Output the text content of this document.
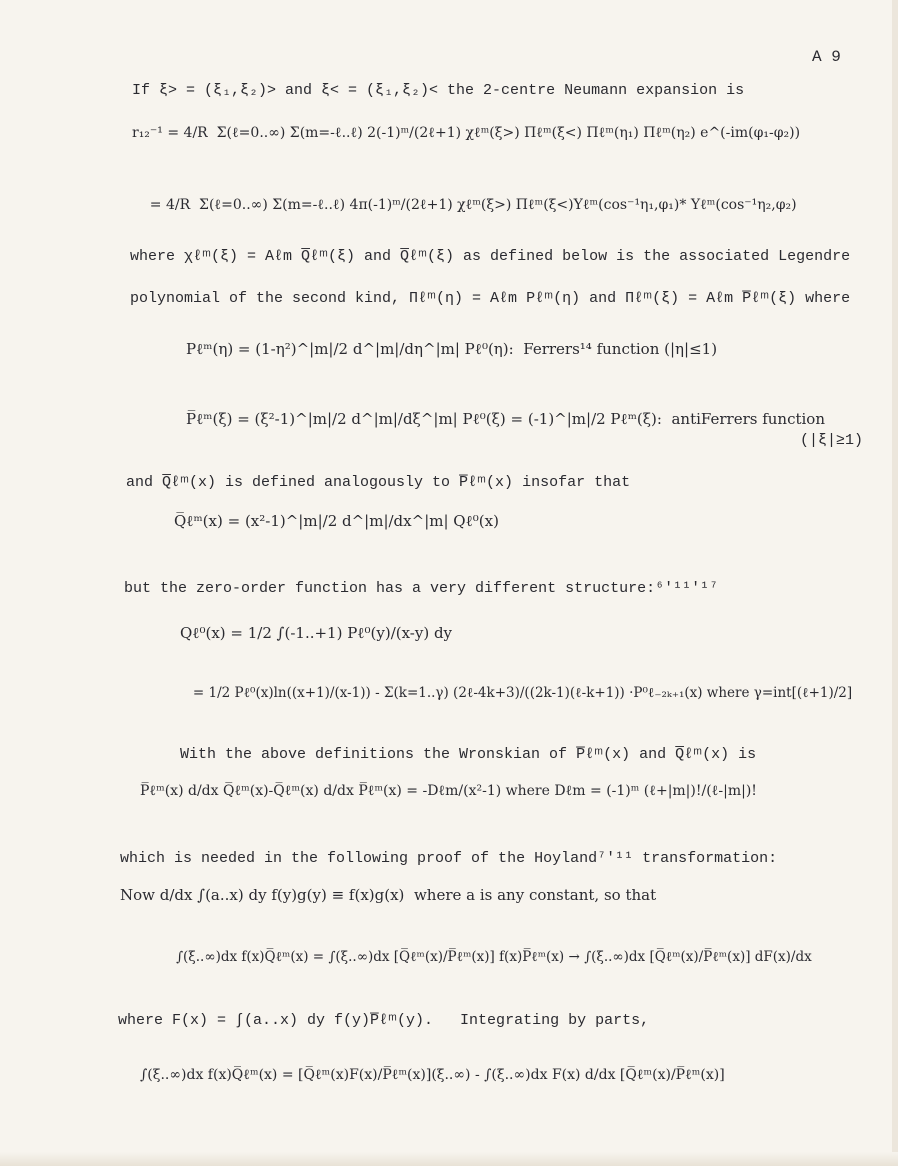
A 9
If ξ> = (ξ₁,ξ₂)> and ξ< = (ξ₁,ξ₂)< the 2-centre Neumann expansion is
r₁₂⁻¹ = 4/R  Σ(ℓ=0..∞) Σ(m=-ℓ..ℓ) 2(-1)ᵐ/(2ℓ+1) χℓᵐ(ξ>) Πℓᵐ(ξ<) Πℓᵐ(η₁) Πℓᵐ(η₂) e^(-im(φ₁-φ₂))
= 4/R  Σ(ℓ=0..∞) Σ(m=-ℓ..ℓ) 4π(-1)ᵐ/(2ℓ+1) χℓᵐ(ξ>) Πℓᵐ(ξ<)Yℓᵐ(cos⁻¹η₁,φ₁)* Yℓᵐ(cos⁻¹η₂,φ₂)
where χℓᵐ(ξ) = Aℓm Q̅ℓᵐ(ξ) and Q̅ℓᵐ(ξ) as defined below is the associated Legendre
polynomial of the second kind, Πℓᵐ(η) = Aℓm Pℓᵐ(η) and Πℓᵐ(ξ) = Aℓm P̅ℓᵐ(ξ) where
Pℓᵐ(η) = (1-η²)^|m|/2 d^|m|/dη^|m| Pℓ⁰(η):  Ferrers¹⁴ function (|η|≤1)
P̅ℓᵐ(ξ) = (ξ²-1)^|m|/2 d^|m|/dξ^|m| Pℓ⁰(ξ) = (-1)^|m|/2 Pℓᵐ(ξ):  antiFerrers function
(|ξ|≥1)
and Q̅ℓᵐ(x) is defined analogously to P̅ℓᵐ(x) insofar that
Q̅ℓᵐ(x) = (x²-1)^|m|/2 d^|m|/dx^|m| Qℓ⁰(x)
but the zero-order function has a very different structure:⁶'¹¹'¹⁷
Qℓ⁰(x) = 1/2 ∫(-1..+1) Pℓ⁰(y)/(x-y) dy
= 1/2 Pℓ⁰(x)ln((x+1)/(x-1)) - Σ(k=1..γ) (2ℓ-4k+3)/((2k-1)(ℓ-k+1)) ·P⁰ℓ₋₂ₖ₊₁(x) where γ=int[(ℓ+1)/2]
With the above definitions the Wronskian of P̅ℓᵐ(x) and Q̅ℓᵐ(x) is
P̅ℓᵐ(x) d/dx Q̅ℓᵐ(x)-Q̅ℓᵐ(x) d/dx P̅ℓᵐ(x) = -Dℓm/(x²-1) where Dℓm = (-1)ᵐ (ℓ+|m|)!/(ℓ-|m|)!
which is needed in the following proof of the Hoyland⁷'¹¹ transformation:
Now d/dx ∫(a..x) dy f(y)g(y) ≡ f(x)g(x)  where a is any constant, so that
∫(ξ..∞)dx f(x)Q̅ℓᵐ(x) = ∫(ξ..∞)dx [Q̅ℓᵐ(x)/P̅ℓᵐ(x)] f(x)P̅ℓᵐ(x) → ∫(ξ..∞)dx [Q̅ℓᵐ(x)/P̅ℓᵐ(x)] dF(x)/dx
where F(x) = ∫(a..x) dy f(y)P̅ℓᵐ(y).   Integrating by parts,
∫(ξ..∞)dx f(x)Q̅ℓᵐ(x) = [Q̅ℓᵐ(x)F(x)/P̅ℓᵐ(x)](ξ..∞) - ∫(ξ..∞)dx F(x) d/dx [Q̅ℓᵐ(x)/P̅ℓᵐ(x)]
